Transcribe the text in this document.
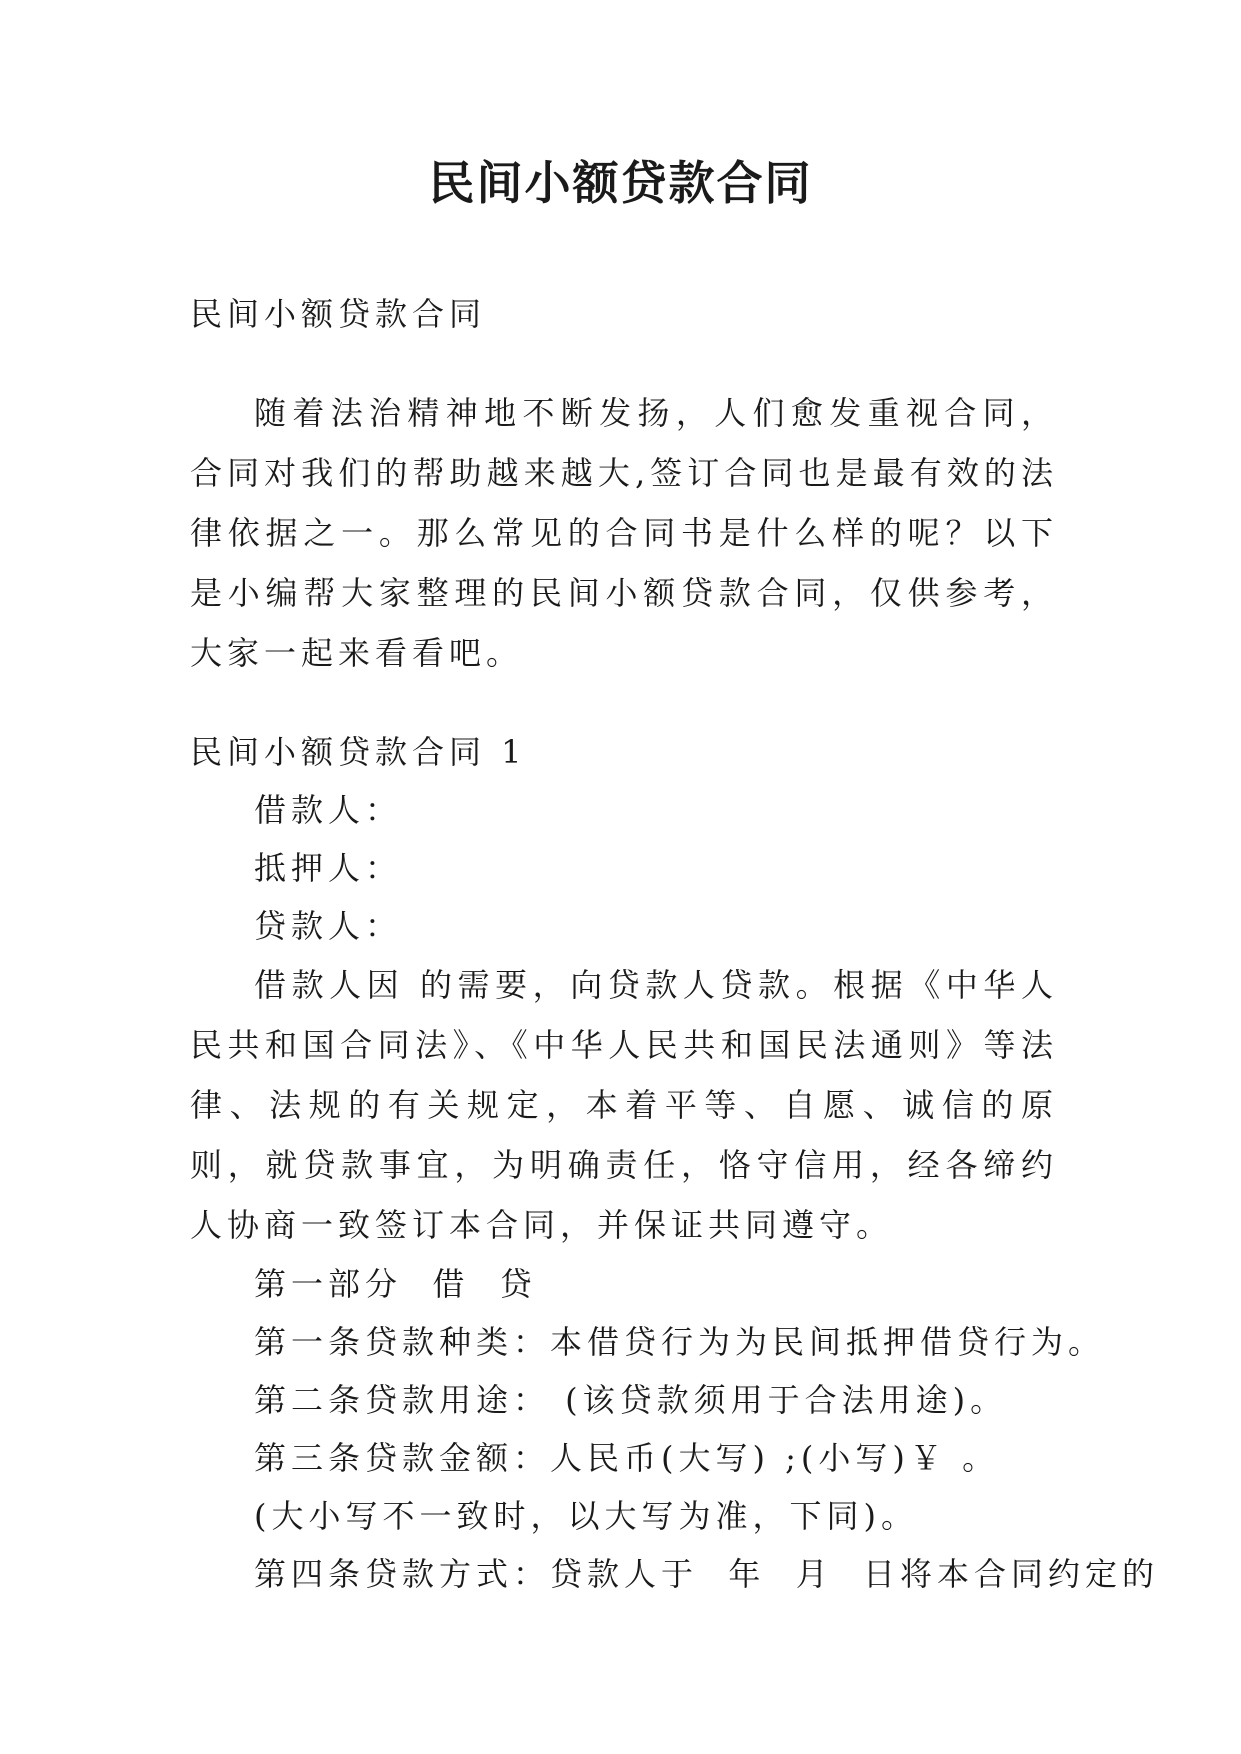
民间小额贷款合同

民间小额贷款合同

随着法治精神地不断发扬，人们愈发重视合同，合同对我们的帮助越来越大,签订合同也是最有效的法律依据之一。那么常见的合同书是什么样的呢？以下是小编帮大家整理的民间小额贷款合同，仅供参考，大家一起来看看吧。

民间小额贷款合同 1

借款人：

抵押人：

贷款人：

借款人因 的需要，向贷款人贷款。根据《中华人民共和国合同法》、《中华人民共和国民法通则》等法律、法规的有关规定，本着平等、自愿、诚信的原则，就贷款事宜，为明确责任，恪守信用，经各缔约人协商一致签订本合同，并保证共同遵守。

第一部分  借  贷

第一条贷款种类：本借贷行为为民间抵押借贷行为。

第二条贷款用途： (该贷款须用于合法用途)。

第三条贷款金额：人民币(大写) ;(小写)￥ 。

(大小写不一致时，以大写为准，下同)。

第四条贷款方式：贷款人于  年  月  日将本合同约定的
